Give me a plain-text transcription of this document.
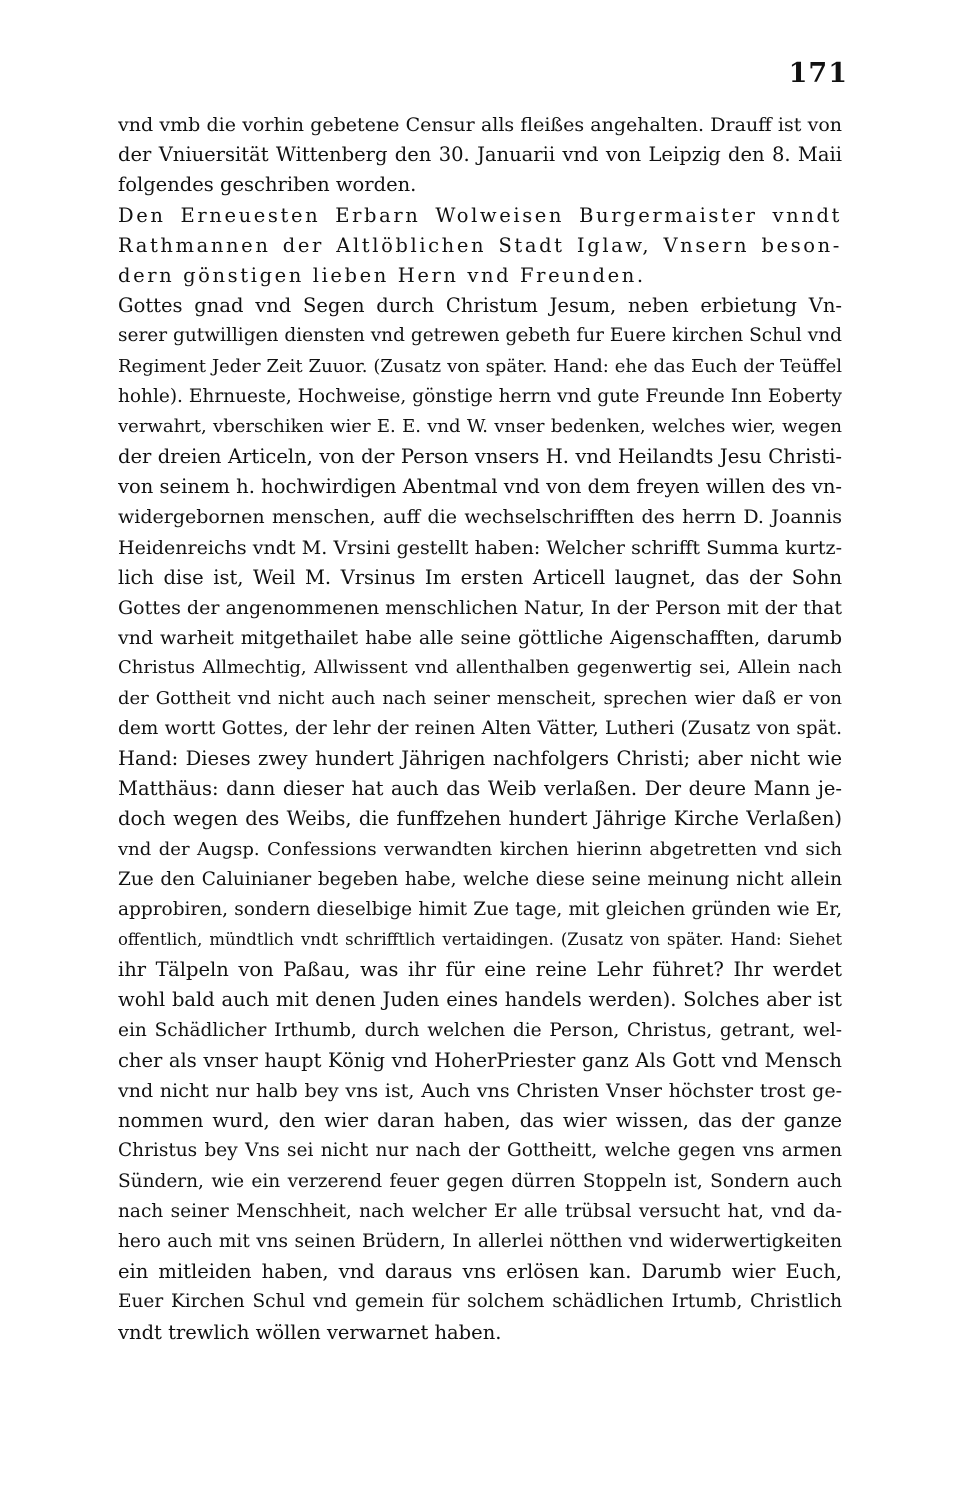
171
vnd vmb die vorhin gebetene Censur alls fleißes angehalten. Drauff ist von
der Vniuersität Wittenberg den 30. Januarii vnd von Leipzig den 8. Maii
folgendes geschriben worden.
Den Erneuesten Erbarn Wolweisen Burgermaister vnndt
Rathmannen der Altlöblichen Stadt Iglaw, Vnsern beson-
dern gönstigen lieben Hern vnd Freunden.
Gottes gnad vnd Segen durch Christum Jesum, neben erbietung Vn-
serer gutwilligen diensten vnd getrewen gebeth fur Euere kirchen Schul vnd
Regiment Jeder Zeit Zuuor. (Zusatz von später. Hand: ehe das Euch der Teüffel
hohle). Ehrnueste, Hochweise, gönstige herrn vnd gute Freunde Inn Eoberty
verwahrt, vberschiken wier E. E. vnd W. vnser bedenken, welches wier, wegen
der dreien Articeln, von der Person vnsers H. vnd Heilandts Jesu Christi-
von seinem h. hochwirdigen Abentmal vnd von dem freyen willen des vn-
widergebornen menschen, auff die wechselschrifften des herrn D. Joannis
Heidenreichs vndt M. Vrsini gestellt haben: Welcher schrifft Summa kurtz-
lich dise ist, Weil M. Vrsinus Im ersten Articell laugnet, das der Sohn
Gottes der angenommenen menschlichen Natur, In der Person mit der that
vnd warheit mitgethailet habe alle seine göttliche Aigenschafften, darumb
Christus Allmechtig, Allwissent vnd allenthalben gegenwertig sei, Allein nach
der Gottheit vnd nicht auch nach seiner menscheit, sprechen wier daß er von
dem wortt Gottes, der lehr der reinen Alten Vätter, Lutheri (Zusatz von spät.
Hand: Dieses zwey hundert Jährigen nachfolgers Christi; aber nicht wie
Matthäus: dann dieser hat auch das Weib verlaßen. Der deure Mann je-
doch wegen des Weibs, die funffzehen hundert Jährige Kirche Verlaßen)
vnd der Augsp. Confessions verwandten kirchen hierinn abgetretten vnd sich
Zue den Caluinianer begeben habe, welche diese seine meinung nicht allein
approbiren, sondern dieselbige himit Zue tage, mit gleichen gründen wie Er,
offentlich, mündtlich vndt schrifftlich vertaidingen. (Zusatz von später. Hand: Siehet
ihr Tälpeln von Paßau, was ihr für eine reine Lehr führet? Ihr werdet
wohl bald auch mit denen Juden eines handels werden). Solches aber ist
ein Schädlicher Irthumb, durch welchen die Person, Christus, getrant, wel-
cher als vnser haupt König vnd HoherPriester ganz Als Gott vnd Mensch
vnd nicht nur halb bey vns ist, Auch vns Christen Vnser höchster trost ge-
nommen wurd, den wier daran haben, das wier wissen, das der ganze
Christus bey Vns sei nicht nur nach der Gottheitt, welche gegen vns armen
Sündern, wie ein verzerend feuer gegen dürren Stoppeln ist, Sondern auch
nach seiner Menschheit, nach welcher Er alle trübsal versucht hat, vnd da-
hero auch mit vns seinen Brüdern, In allerlei nötthen vnd widerwertigkeiten
ein mitleiden haben, vnd daraus vns erlösen kan. Darumb wier Euch,
Euer Kirchen Schul vnd gemein für solchem schädlichen Irtumb, Christlich
vndt trewlich wöllen verwarnet haben.
